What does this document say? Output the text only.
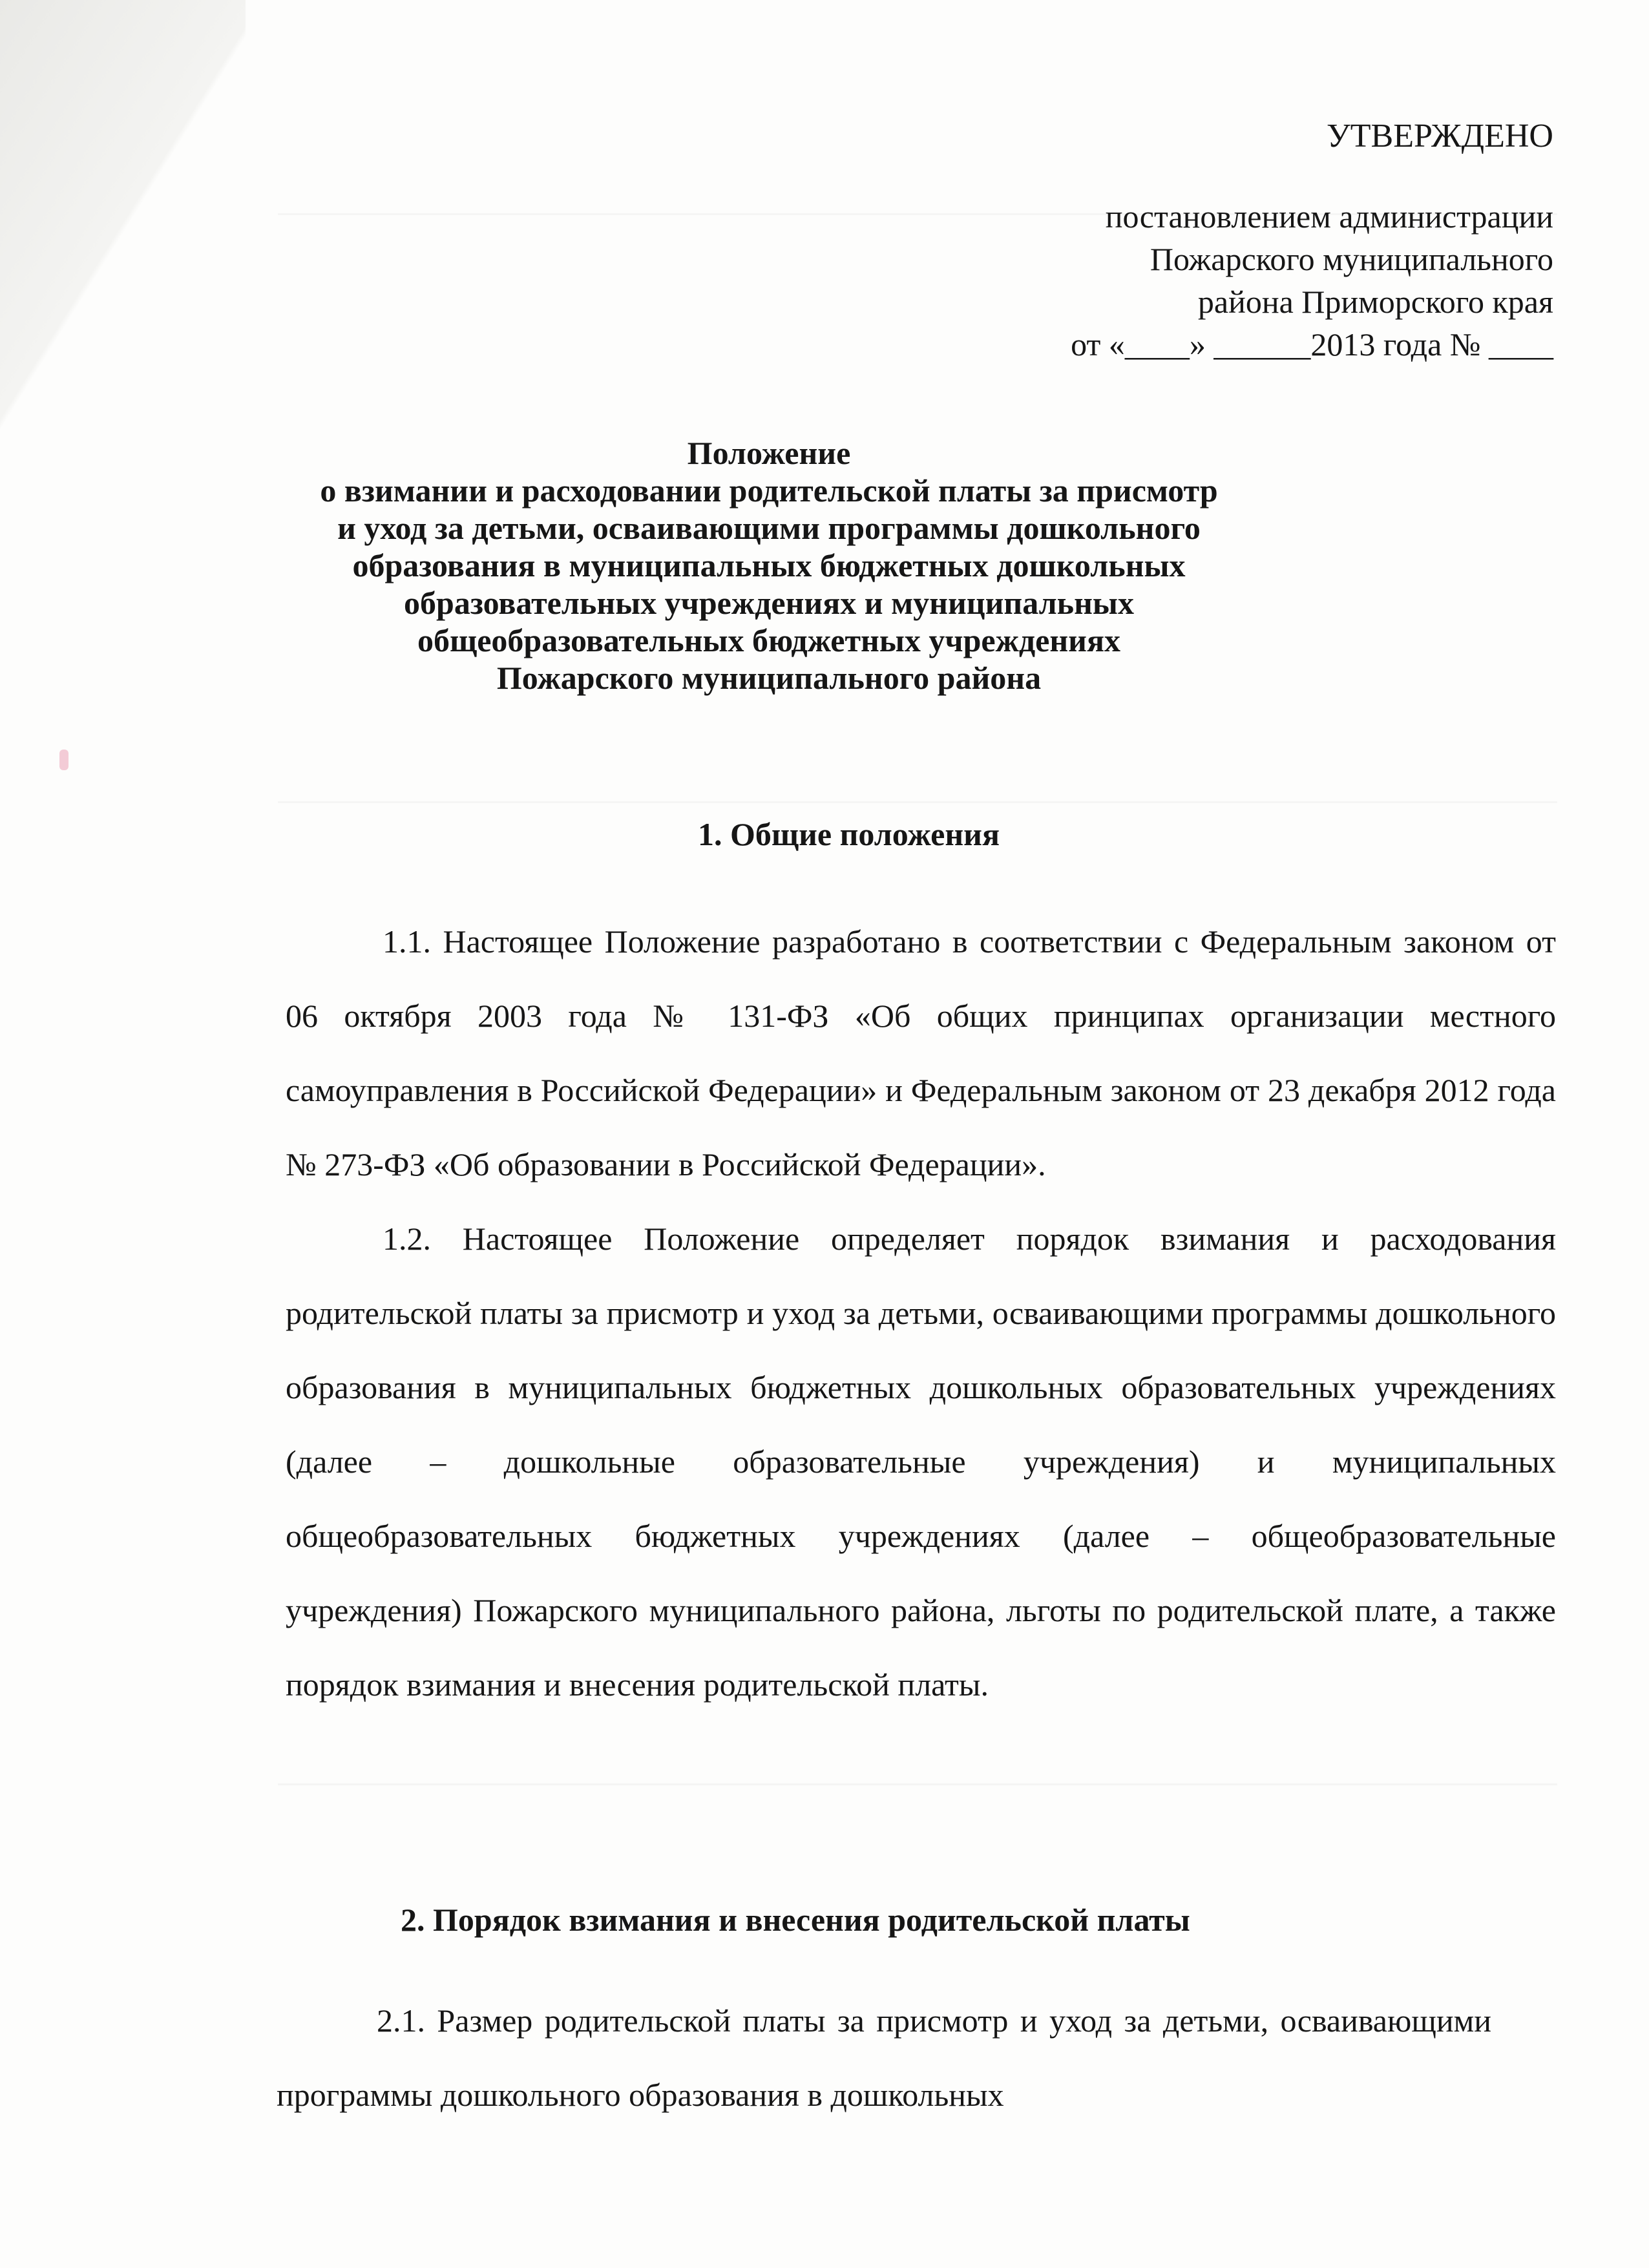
УТВЕРЖДЕНО
постановлением администрации
Пожарского муниципального
района Приморского края
от «____» ______2013 года № ____
Положение
о взимании и расходовании родительской платы за присмотр
и уход за детьми, осваивающими программы дошкольного
образования в муниципальных бюджетных дошкольных
образовательных учреждениях и муниципальных
общеобразовательных бюджетных учреждениях
Пожарского муниципального района
1. Общие положения

1.1. Настоящее Положение разработано в соответствии с Федеральным законом от 06 октября 2003 года № 131-ФЗ «Об общих принципах организации местного самоуправления в Российской Федерации» и Федеральным законом от 23 декабря 2012 года № 273-ФЗ «Об образовании в Российской Федерации».

1.2. Настоящее Положение определяет порядок взимания и расходования родительской платы за присмотр и уход за детьми, осваивающими программы дошкольного образования в муниципальных бюджетных дошкольных образовательных учреждениях (далее – дошкольные образовательные учреждения) и муниципальных общеобразовательных бюджетных учреждениях (далее – общеобразовательные учреждения) Пожарского муниципального района, льготы по родительской плате, а также порядок взимания и внесения родительской платы.

2. Порядок взимания и внесения родительской платы

2.1. Размер родительской платы за присмотр и уход за детьми, осваивающими программы дошкольного образования в дошкольных
